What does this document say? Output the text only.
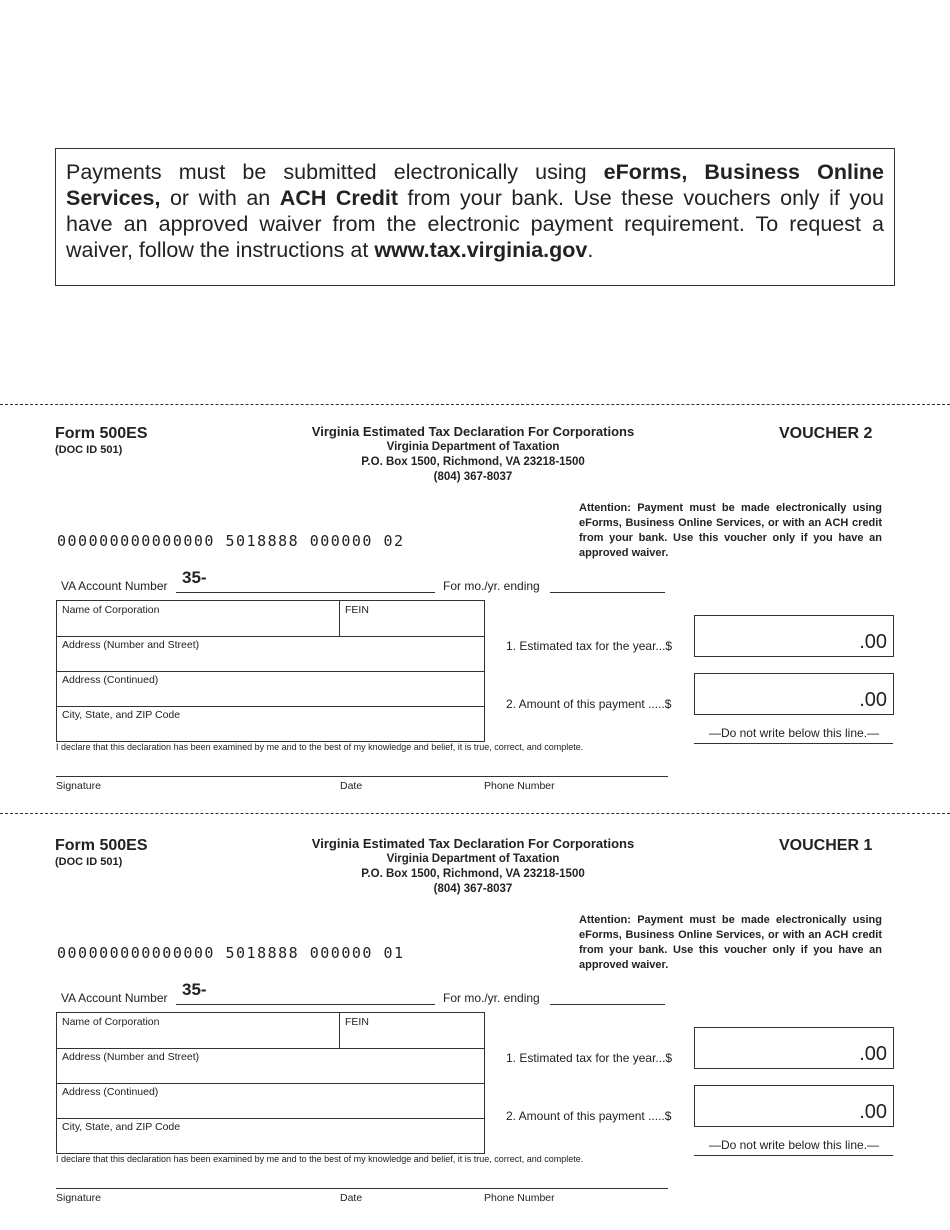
Payments must be submitted electronically using eForms, Business Online Services, or with an ACH Credit from your bank. Use these vouchers only if you have an approved waiver from the electronic payment requirement. To request a waiver, follow the instructions at www.tax.virginia.gov.
Form 500ES
(DOC ID 501)
Virginia Estimated Tax Declaration For Corporations
Virginia Department of Taxation
P.O. Box 1500, Richmond, VA 23218-1500
(804) 367-8037
VOUCHER 2
Attention: Payment must be made electronically using eForms, Business Online Services, or with an ACH credit from your bank. Use this voucher only if you have an approved waiver.
000000000000000 5018888 000000 02
VA Account Number 35-	For mo./yr. ending
Name of Corporation	FEIN
Address (Number and Street)
Address (Continued)
City, State, and ZIP Code
1. Estimated tax for the year...$	.00
2. Amount of this payment .....$	.00
—Do not write below this line.—
I declare that this declaration has been examined by me and to the best of my knowledge and belief, it is true, correct, and complete.
Signature	Date	Phone Number
Form 500ES
(DOC ID 501)
Virginia Estimated Tax Declaration For Corporations
Virginia Department of Taxation
P.O. Box 1500, Richmond, VA 23218-1500
(804) 367-8037
VOUCHER 1
Attention: Payment must be made electronically using eForms, Business Online Services, or with an ACH credit from your bank. Use this voucher only if you have an approved waiver.
000000000000000 5018888 000000 01
VA Account Number 35-	For mo./yr. ending
Name of Corporation	FEIN
Address (Number and Street)
Address (Continued)
City, State, and ZIP Code
1. Estimated tax for the year...$	.00
2. Amount of this payment .....$	.00
—Do not write below this line.—
I declare that this declaration has been examined by me and to the best of my knowledge and belief, it is true, correct, and complete.
Signature	Date	Phone Number
